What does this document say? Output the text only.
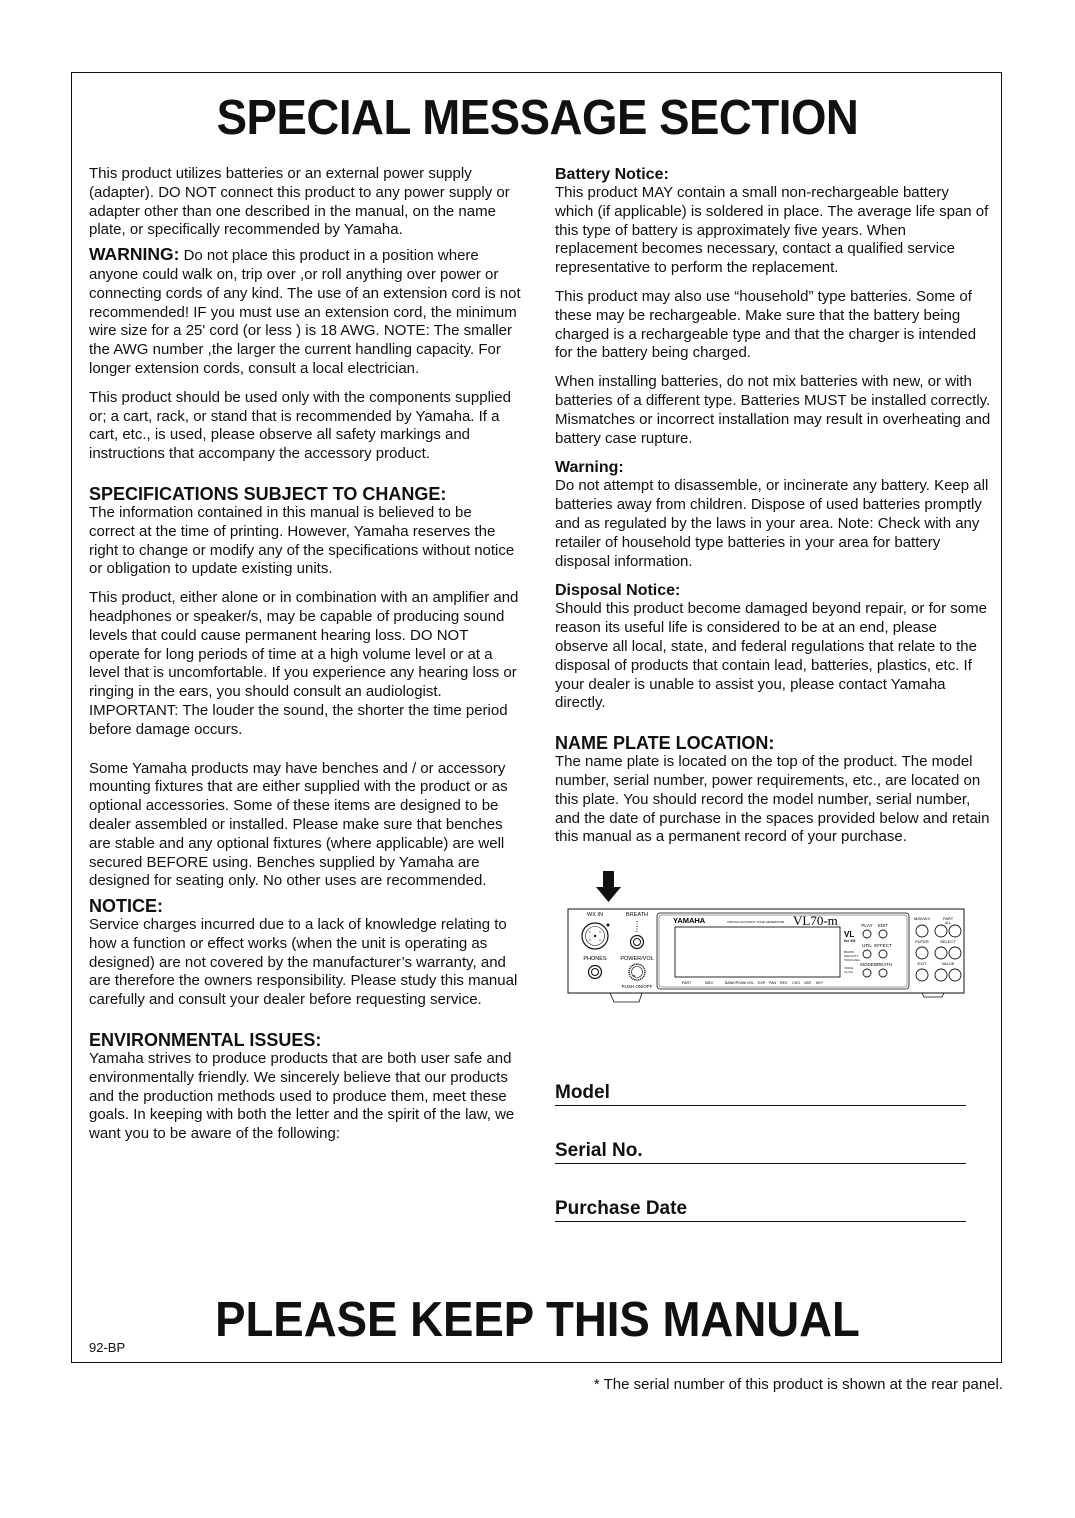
SPECIAL MESSAGE SECTION

This product utilizes batteries or an external power supply (adapter). DO NOT connect this product to any power supply or adapter other than one described in the manual, on the name plate, or specifically recommended by Yamaha.

WARNING: Do not place this product in a position where anyone could walk on, trip over ,or roll anything over power or connecting cords of any kind. The use of an extension cord is not recommended! IF you must use an extension cord, the minimum wire size for a 25' cord (or less ) is 18 AWG. NOTE: The smaller the AWG number ,the larger the current handling capacity. For longer extension cords, consult a local electrician.

This product should be used only with the components supplied or; a cart, rack, or stand that is recommended by Yamaha. If a cart, etc., is used, please observe all safety markings and instructions that accompany the accessory product.

SPECIFICATIONS SUBJECT TO CHANGE:

The information contained in this manual is believed to be correct at the time of printing. However, Yamaha reserves the right to change or modify any of the specifications without notice or obligation to update existing units.

This product, either alone or in combination with an amplifier and headphones or speaker/s, may be capable of producing sound levels that could cause permanent hearing loss. DO NOT operate for long periods of time at a high volume level or at a level that is uncomfortable. If you experience any hearing loss or ringing in the ears, you should consult an audiologist.

IMPORTANT: The louder the sound, the shorter the time period before damage occurs.

Some Yamaha products may have benches and / or accessory mounting fixtures that are either supplied with the product or as optional accessories. Some of these items are designed to be dealer assembled or installed. Please make sure that benches are stable and any optional fixtures (where applicable) are well secured BEFORE using. Benches supplied by Yamaha are designed for seating only. No other uses are recommended.

NOTICE:

Service charges incurred due to a lack of knowledge relating to how a function or effect works (when the unit is operating as designed) are not covered by the manufacturer’s warranty, and are therefore the owners responsibility. Please study this manual carefully and consult your dealer before requesting service.

ENVIRONMENTAL ISSUES:

Yamaha strives to produce products that are both user safe and environmentally friendly. We sincerely believe that our products and the production methods used to produce them, meet these goals. In keeping with both the letter and the spirit of the law, we want you to be aware of the following:

Battery Notice:

This product MAY contain a small non-rechargeable battery which (if applicable) is soldered in place. The average life span of this type of battery is approximately five years. When replacement becomes necessary, contact a qualified service representative to perform the replacement.

This product may also use “household” type batteries. Some of these may be rechargeable. Make sure that the battery being charged is a rechargeable type and that the charger is intended for the battery being charged.

When installing batteries, do not mix batteries with new, or with batteries of a different type. Batteries MUST be installed correctly. Mismatches or incorrect installation may result in overheating and battery case rupture.

Warning:

Do not attempt to disassemble, or incinerate any battery. Keep all batteries away from children. Dispose of used batteries promptly and as regulated by the laws in your area. Note: Check with any retailer of household type batteries in your area for battery disposal information.

Disposal Notice:

Should this product become damaged beyond repair, or for some reason its useful life is considered to be at an end, please observe all local, state, and federal regulations that relate to the disposal of products that contain lead, batteries, plastics, etc. If your dealer is unable to assist you, please contact Yamaha directly.

NAME PLATE LOCATION:

The name plate is located on the top of the product. The model number, serial number, power requirements, etc., are located on this plate. You should record the model number, serial number, and the date of purchase in the spaces provided below and retain this manual as a permanent record of your purchase.

WX IN	BREATH
PHONES POWER/VOL
PUSH ON/OFF
YAMAHA	VIRTUAL ACOUSTIC TONE GENERATOR VL70-m
PART	MIDI	BANK/PGM# VOL EXP PAN REV CHO VAR KEY
VL
for XG
BC/WX
VELOCITY
TOUCH EG
VOICE
VL-XG
PLAY EDIT
UTIL EFFECT
MODE BREATH
MIDI/WX	PART
ALL
ENTER	SELECT
EXIT	VALUE
Model
Serial No.
Purchase Date
PLEASE KEEP THIS MANUAL
92-BP
* The serial number of this product is shown at the rear panel.
